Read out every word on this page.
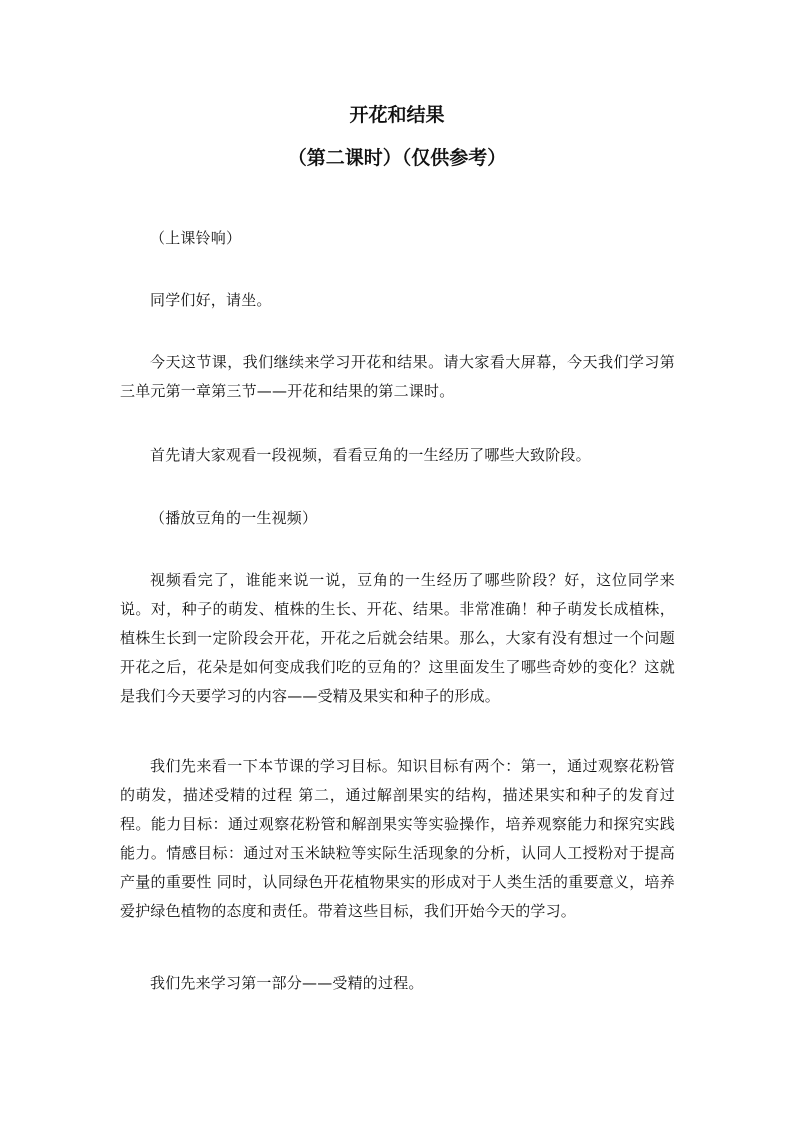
开花和结果
（第二课时）（仅供参考）

（上课铃响）

同学们好，请坐。

今天这节课，我们继续来学习开花和结果。请大家看大屏幕，今天我们学习第三单元第一章第三节——开花和结果的第二课时。

首先请大家观看一段视频，看看豆角的一生经历了哪些大致阶段。

（播放豆角的一生视频）

视频看完了，谁能来说一说，豆角的一生经历了哪些阶段？好，这位同学来说。对，种子的萌发、植株的生长、开花、结果。非常准确！种子萌发长成植株，植株生长到一定阶段会开花，开花之后就会结果。那么，大家有没有想过一个问题 开花之后，花朵是如何变成我们吃的豆角的？这里面发生了哪些奇妙的变化？这就是我们今天要学习的内容——受精及果实和种子的形成。

我们先来看一下本节课的学习目标。知识目标有两个：第一，通过观察花粉管的萌发，描述受精的过程 第二，通过解剖果实的结构，描述果实和种子的发育过程。能力目标：通过观察花粉管和解剖果实等实验操作，培养观察能力和探究实践能力。情感目标：通过对玉米缺粒等实际生活现象的分析，认同人工授粉对于提高产量的重要性 同时，认同绿色开花植物果实的形成对于人类生活的重要意义，培养爱护绿色植物的态度和责任。带着这些目标，我们开始今天的学习。

我们先来学习第一部分——受精的过程。
